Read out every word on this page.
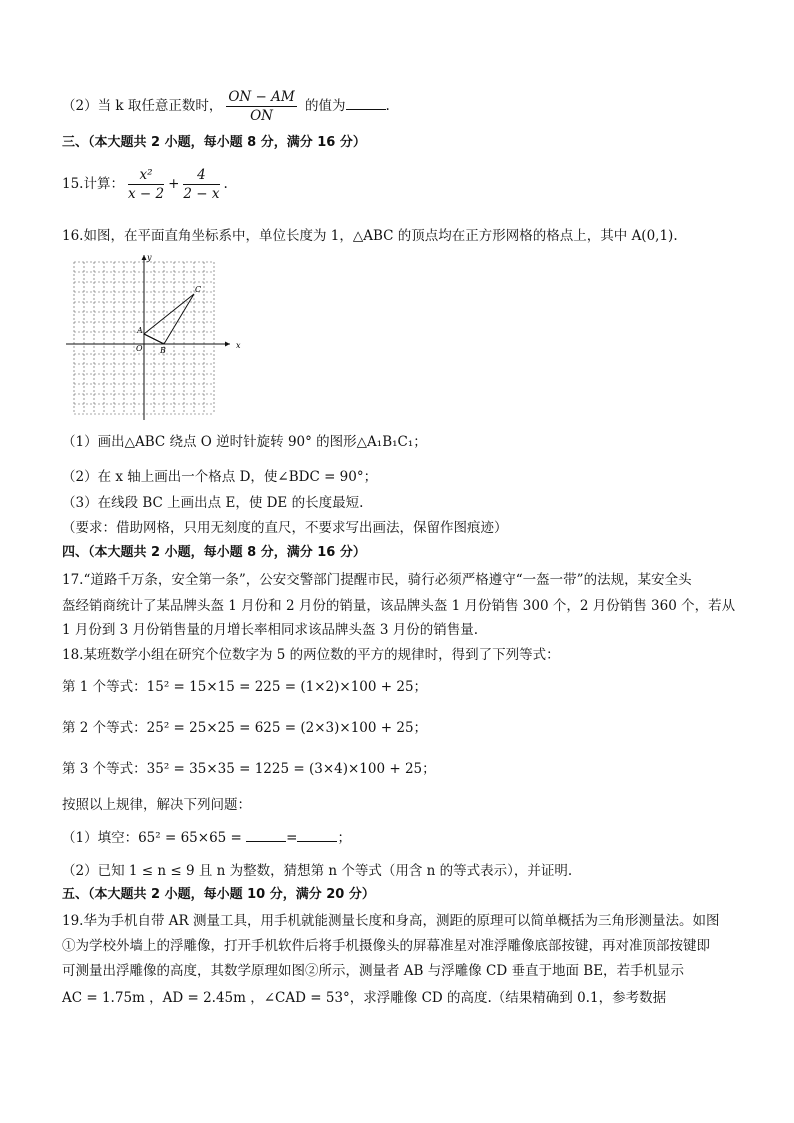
（2）当 k 取任意正数时， $\frac{ON - AM}{ON}$ 的值为	.
三、（本大题共 2 小题，每小题 8 分，满分 16 分）
15.计算： $\frac{\text{x²}}{x - 2} + \frac{4}{2 - x}$ .
16.如图，在平面直角坐标系中，单位长度为 1，△ABC 的顶点均在正方形网格的格点上，其中 A(0,1).
x
y
O
A
B
C
（1）画出△ABC 绕点 O 逆时针旋转 90° 的图形△A₁B₁C₁；
（2）在 x 轴上画出一个格点 D，使∠BDC = 90°；
（3）在线段 BC 上画出点 E，使 DE 的长度最短.
（要求：借助网格，只用无刻度的直尺，不要求写出画法，保留作图痕迹）
四、（本大题共 2 小题，每小题 8 分，满分 16 分）
17.“道路千万条，安全第一条”，公安交警部门提醒市民，骑行必须严格遵守“一盔一带”的法规，某安全头
盔经销商统计了某品牌头盔 1 月份和 2 月份的销量，该品牌头盔 1 月份销售 300 个，2 月份销售 360 个，若从
1 月份到 3 月份销售量的月增长率相同求该品牌头盔 3 月份的销售量.
18.某班数学小组在研究个位数字为 5 的两位数的平方的规律时，得到了下列等式：
第 1 个等式：15² = 15×15 = 225 = (1×2)×100 + 25；
第 2 个等式：25² = 25×25 = 625 = (2×3)×100 + 25；
第 3 个等式：35² = 35×35 = 1225 = (3×4)×100 + 25；
按照以上规律，解决下列问题：
（1）填空：65² = 65×65 =	=	；
（2）已知 1 ≤ n ≤ 9 且 n 为整数，猜想第 n 个等式（用含 n 的等式表示），并证明.
五、（本大题共 2 小题，每小题 10 分，满分 20 分）
19.华为手机自带 AR 测量工具，用手机就能测量长度和身高，测距的原理可以简单概括为三角形测量法。如图
①为学校外墙上的浮雕像，打开手机软件后将手机摄像头的屏幕准星对准浮雕像底部按键，再对准顶部按键即
可测量出浮雕像的高度，其数学原理如图②所示，测量者 AB 与浮雕像 CD 垂直于地面 BE，若手机显示
AC = 1.75m ，AD = 2.45m ，∠CAD = 53°，求浮雕像 CD 的高度.（结果精确到 0.1，参考数据
